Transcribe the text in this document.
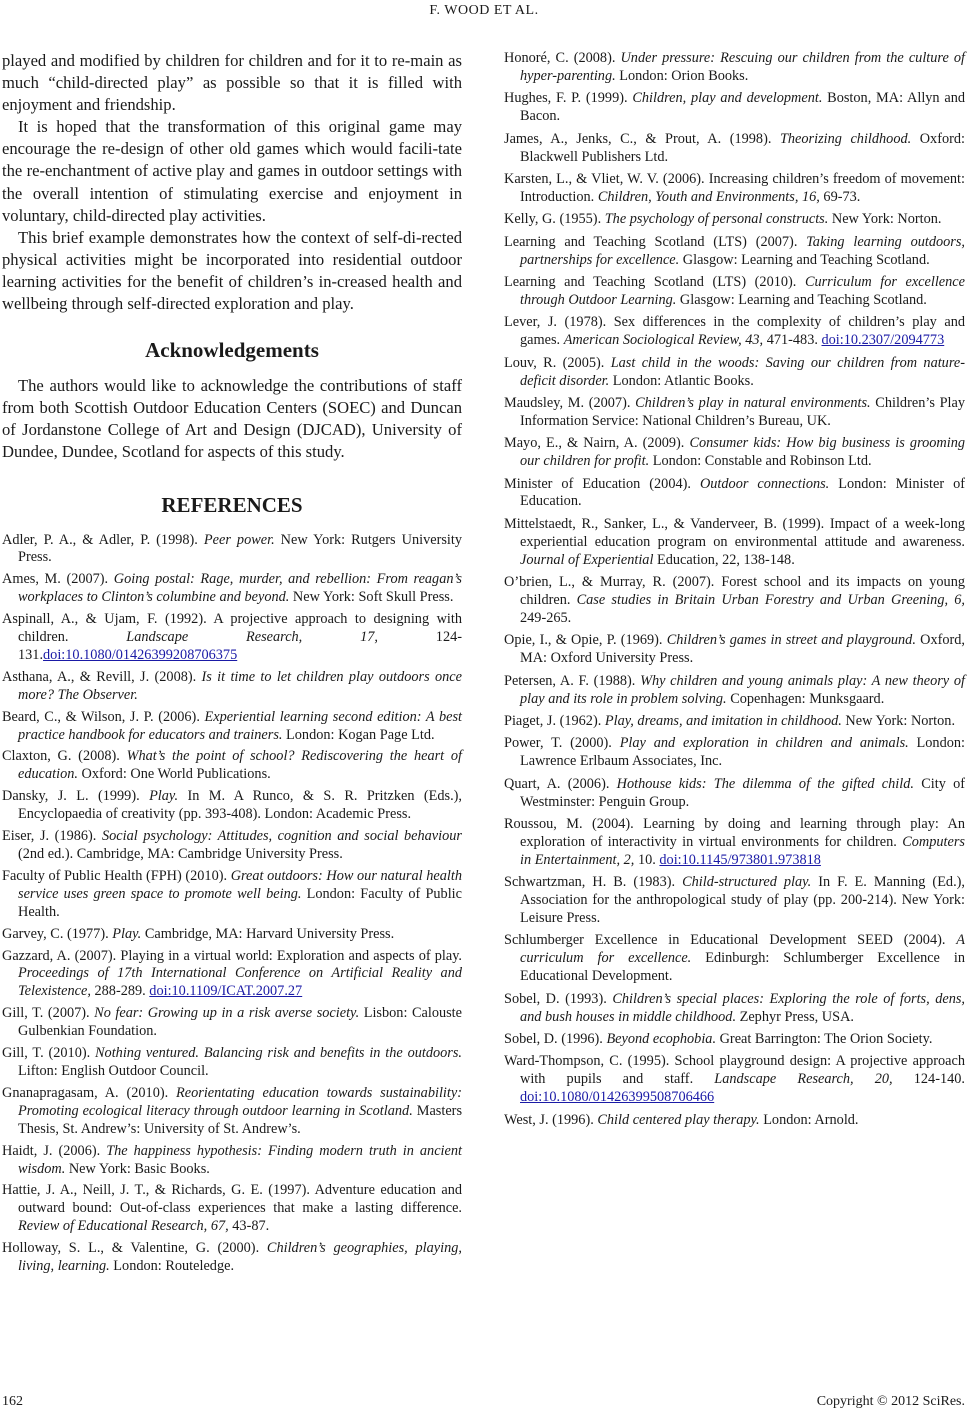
F. WOOD ET AL.

played and modified by children for children and for it to re-main as much “child-directed play” as possible so that it is filled with enjoyment and friendship.

It is hoped that the transformation of this original game may encourage the re-design of other old games which would facili-tate the re-enchantment of active play and games in outdoor settings with the overall intention of stimulating exercise and enjoyment in voluntary, child-directed play activities.

This brief example demonstrates how the context of self-di-rected physical activities might be incorporated into residential outdoor learning activities for the benefit of children’s in-creased health and wellbeing through self-directed exploration and play.

Acknowledgements

The authors would like to acknowledge the contributions of staff from both Scottish Outdoor Education Centers (SOEC) and Duncan of Jordanstone College of Art and Design (DJCAD), University of Dundee, Dundee, Scotland for aspects of this study.

REFERENCES
Adler, P. A., & Adler, P. (1998). Peer power. New York: Rutgers University Press.
Ames, M. (2007). Going postal: Rage, murder, and rebellion: From reagan’s workplaces to Clinton’s columbine and beyond. New York: Soft Skull Press.
Aspinall, A., & Ujam, F. (1992). A projective approach to designing with children. Landscape Research, 17, 124-131.doi:10.1080/01426399208706375
Asthana, A., & Revill, J. (2008). Is it time to let children play outdoors once more? The Observer.
Beard, C., & Wilson, J. P. (2006). Experiential learning second edition: A best practice handbook for educators and trainers. London: Kogan Page Ltd.
Claxton, G. (2008). What’s the point of school? Rediscovering the heart of education. Oxford: One World Publications.
Dansky, J. L. (1999). Play. In M. A Runco, & S. R. Pritzken (Eds.), Encyclopaedia of creativity (pp. 393-408). London: Academic Press.
Eiser, J. (1986). Social psychology: Attitudes, cognition and social behaviour (2nd ed.). Cambridge, MA: Cambridge University Press.
Faculty of Public Health (FPH) (2010). Great outdoors: How our natural health service uses green space to promote well being. London: Faculty of Public Health.
Garvey, C. (1977). Play. Cambridge, MA: Harvard University Press.
Gazzard, A. (2007). Playing in a virtual world: Exploration and aspects of play. Proceedings of 17th International Conference on Artificial Reality and Telexistence, 288-289. doi:10.1109/ICAT.2007.27
Gill, T. (2007). No fear: Growing up in a risk averse society. Lisbon: Calouste Gulbenkian Foundation.
Gill, T. (2010). Nothing ventured. Balancing risk and benefits in the outdoors. Lifton: English Outdoor Council.
Gnanapragasam, A. (2010). Reorientating education towards sustainability: Promoting ecological literacy through outdoor learning in Scotland. Masters Thesis, St. Andrew’s: University of St. Andrew’s.
Haidt, J. (2006). The happiness hypothesis: Finding modern truth in ancient wisdom. New York: Basic Books.
Hattie, J. A., Neill, J. T., & Richards, G. E. (1997). Adventure education and outward bound: Out-of-class experiences that make a lasting difference. Review of Educational Research, 67, 43-87.
Holloway, S. L., & Valentine, G. (2000). Children’s geographies, playing, living, learning. London: Routeledge.
Honoré, C. (2008). Under pressure: Rescuing our children from the culture of hyper-parenting. London: Orion Books.
Hughes, F. P. (1999). Children, play and development. Boston, MA: Allyn and Bacon.
James, A., Jenks, C., & Prout, A. (1998). Theorizing childhood. Oxford: Blackwell Publishers Ltd.
Karsten, L., & Vliet, W. V. (2006). Increasing children’s freedom of movement: Introduction. Children, Youth and Environments, 16, 69-73.
Kelly, G. (1955). The psychology of personal constructs. New York: Norton.
Learning and Teaching Scotland (LTS) (2007). Taking learning outdoors, partnerships for excellence. Glasgow: Learning and Teaching Scotland.
Learning and Teaching Scotland (LTS) (2010). Curriculum for excellence through Outdoor Learning. Glasgow: Learning and Teaching Scotland.
Lever, J. (1978). Sex differences in the complexity of children’s play and games. American Sociological Review, 43, 471-483. doi:10.2307/2094773
Louv, R. (2005). Last child in the woods: Saving our children from nature-deficit disorder. London: Atlantic Books.
Maudsley, M. (2007). Children’s play in natural environments. Children’s Play Information Service: National Children’s Bureau, UK.
Mayo, E., & Nairn, A. (2009). Consumer kids: How big business is grooming our children for profit. London: Constable and Robinson Ltd.
Minister of Education (2004). Outdoor connections. London: Minister of Education.
Mittelstaedt, R., Sanker, L., & Vanderveer, B. (1999). Impact of a week-long experiential education program on environmental attitude and awareness. Journal of Experiential Education, 22, 138-148.
O’brien, L., & Murray, R. (2007). Forest school and its impacts on young children. Case studies in Britain Urban Forestry and Urban Greening, 6, 249-265.
Opie, I., & Opie, P. (1969). Children’s games in street and playground. Oxford, MA: Oxford University Press.
Petersen, A. F. (1988). Why children and young animals play: A new theory of play and its role in problem solving. Copenhagen: Munksgaard.
Piaget, J. (1962). Play, dreams, and imitation in childhood. New York: Norton.
Power, T. (2000). Play and exploration in children and animals. London: Lawrence Erlbaum Associates, Inc.
Quart, A. (2006). Hothouse kids: The dilemma of the gifted child. City of Westminster: Penguin Group.
Roussou, M. (2004). Learning by doing and learning through play: An exploration of interactivity in virtual environments for children. Computers in Entertainment, 2, 10. doi:10.1145/973801.973818
Schwartzman, H. B. (1983). Child-structured play. In F. E. Manning (Ed.), Association for the anthropological study of play (pp. 200-214). New York: Leisure Press.
Schlumberger Excellence in Educational Development SEED (2004). A curriculum for excellence. Edinburgh: Schlumberger Excellence in Educational Development.
Sobel, D. (1993). Children’s special places: Exploring the role of forts, dens, and bush houses in middle childhood. Zephyr Press, USA.
Sobel, D. (1996). Beyond ecophobia. Great Barrington: The Orion Society.
Ward-Thompson, C. (1995). School playground design: A projective approach with pupils and staff. Landscape Research, 20, 124-140. doi:10.1080/01426399508706466
West, J. (1996). Child centered play therapy. London: Arnold.
162	Copyright © 2012 SciRes.
